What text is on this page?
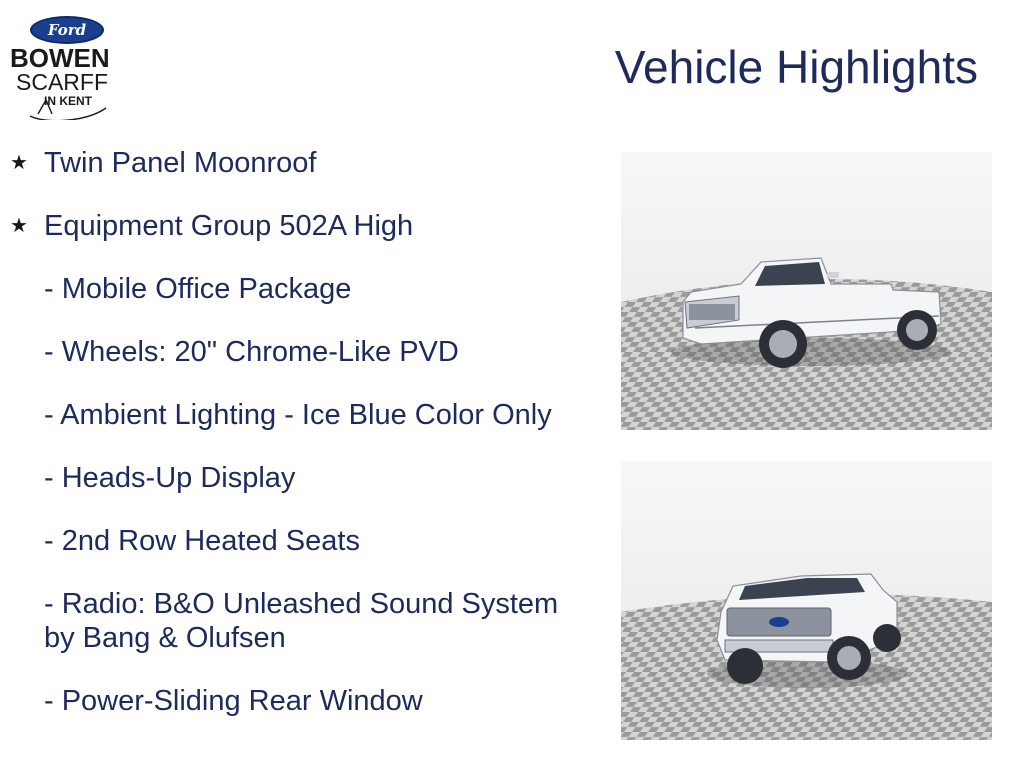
Ford
BOWEN
SCARFF
IN KENT
Vehicle Highlights
★ Twin Panel Moonroof
★ Equipment Group 502A High
- Mobile Office Package
- Wheels: 20" Chrome-Like PVD
- Ambient Lighting - Ice Blue Color Only
- Heads-Up Display
- 2nd Row Heated Seats
- Radio: B&O Unleashed Sound System by Bang & Olufsen
- Power-Sliding Rear Window
